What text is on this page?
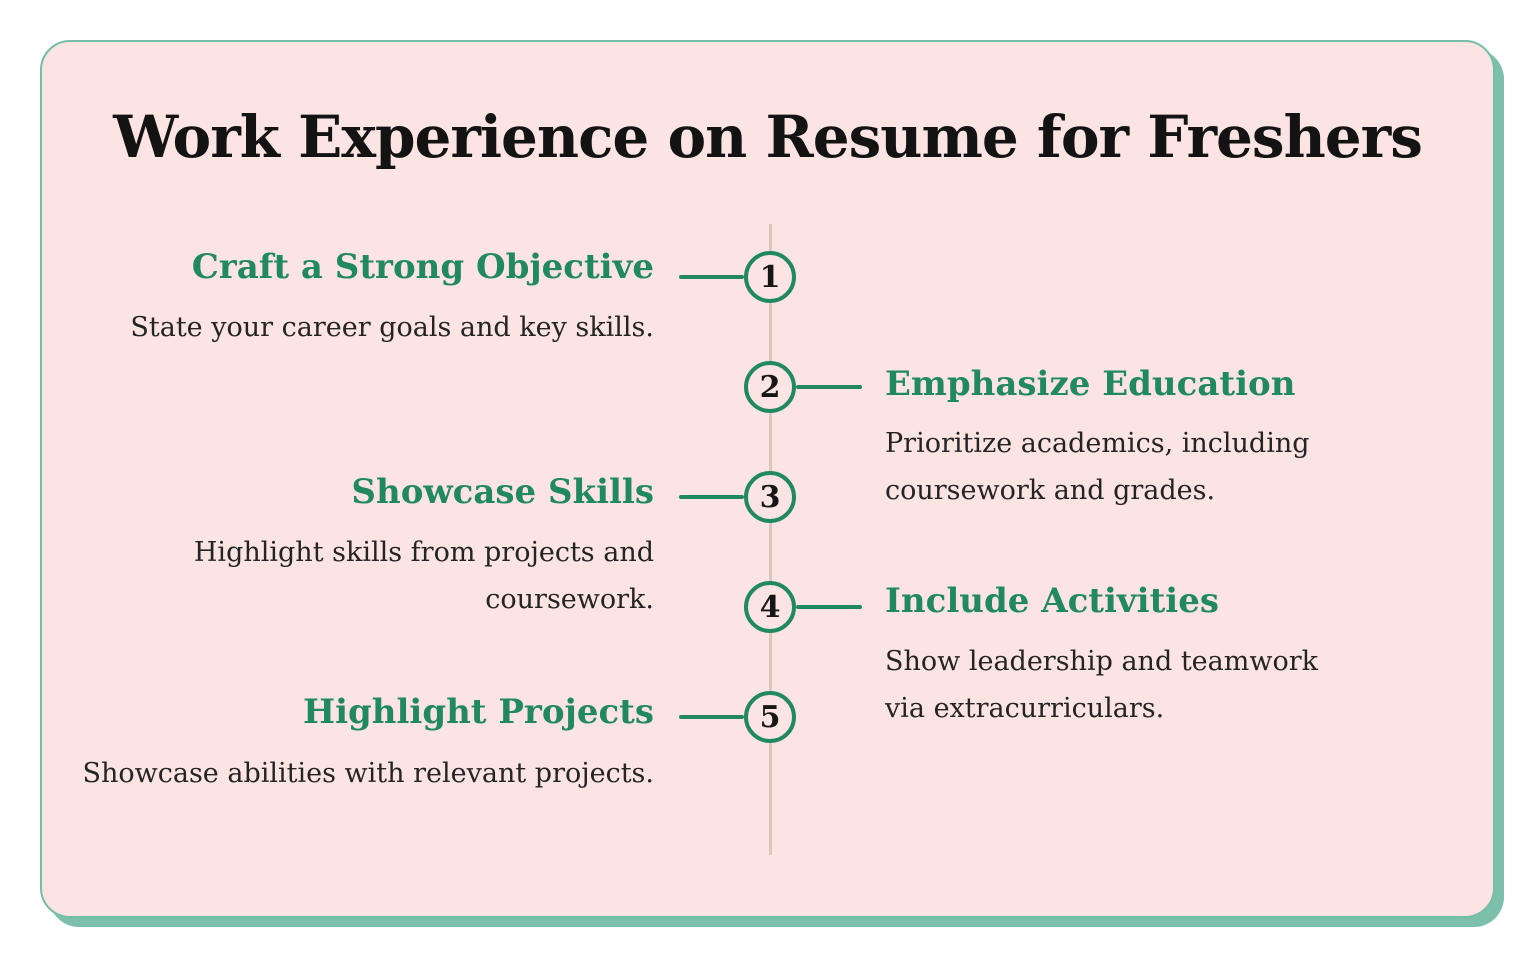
Work Experience on Resume for Freshers
Craft a Strong Objective
State your career goals and key skills.
1
Emphasize Education
Prioritize academics, including coursework and grades.
2
Showcase Skills
Highlight skills from projects and coursework.
3
Include Activities
Show leadership and teamwork via extracurriculars.
4
Highlight Projects
Showcase abilities with relevant projects.
5
